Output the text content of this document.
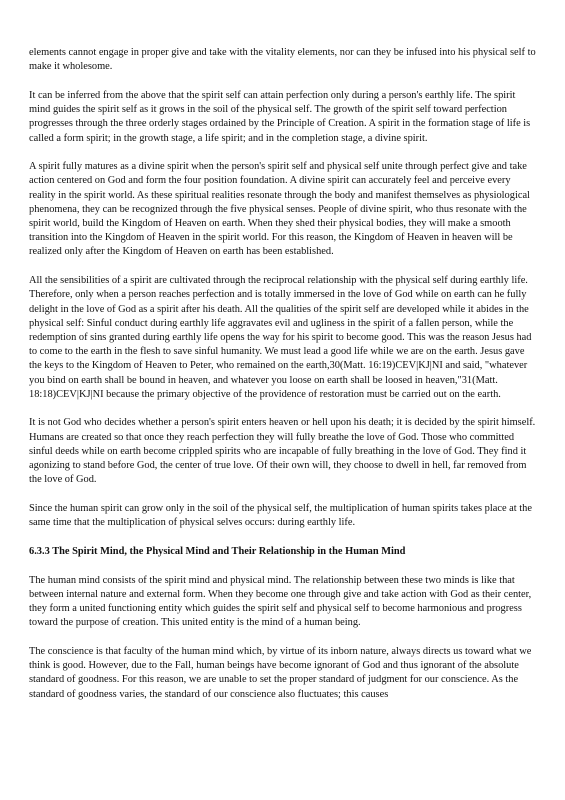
elements cannot engage in proper give and take with the vitality elements, nor can they be infused into his physical self to make it wholesome.

It can be inferred from the above that the spirit self can attain perfection only during a person's earthly life. The spirit mind guides the spirit self as it grows in the soil of the physical self. The growth of the spirit self toward perfection progresses through the three orderly stages ordained by the Principle of Creation. A spirit in the formation stage of life is called a form spirit; in the growth stage, a life spirit; and in the completion stage, a divine spirit.

A spirit fully matures as a divine spirit when the person's spirit self and physical self unite through perfect give and take action centered on God and form the four position foundation. A divine spirit can accurately feel and perceive every reality in the spirit world. As these spiritual realities resonate through the body and manifest themselves as physiological phenomena, they can be recognized through the five physical senses. People of divine spirit, who thus resonate with the spirit world, build the Kingdom of Heaven on earth. When they shed their physical bodies, they will make a smooth transition into the Kingdom of Heaven in the spirit world. For this reason, the Kingdom of Heaven in heaven will be realized only after the Kingdom of Heaven on earth has been established.

All the sensibilities of a spirit are cultivated through the reciprocal relationship with the physical self during earthly life. Therefore, only when a person reaches perfection and is totally immersed in the love of God while on earth can he fully delight in the love of God as a spirit after his death. All the qualities of the spirit self are developed while it abides in the physical self: Sinful conduct during earthly life aggravates evil and ugliness in the spirit of a fallen person, while the redemption of sins granted during earthly life opens the way for his spirit to become good. This was the reason Jesus had to come to the earth in the flesh to save sinful humanity. We must lead a good life while we are on the earth. Jesus gave the keys to the Kingdom of Heaven to Peter, who remained on the earth,30(Matt. 16:19)CEV|KJ|NI and said, "whatever you bind on earth shall be bound in heaven, and whatever you loose on earth shall be loosed in heaven,"31(Matt. 18:18)CEV|KJ|NI because the primary objective of the providence of restoration must be carried out on the earth.

It is not God who decides whether a person's spirit enters heaven or hell upon his death; it is decided by the spirit himself. Humans are created so that once they reach perfection they will fully breathe the love of God. Those who committed sinful deeds while on earth become crippled spirits who are incapable of fully breathing in the love of God. They find it agonizing to stand before God, the center of true love. Of their own will, they choose to dwell in hell, far removed from the love of God.

Since the human spirit can grow only in the soil of the physical self, the multiplication of human spirits takes place at the same time that the multiplication of physical selves occurs: during earthly life.

6.3.3 The Spirit Mind, the Physical Mind and Their Relationship in the Human Mind

The human mind consists of the spirit mind and physical mind. The relationship between these two minds is like that between internal nature and external form. When they become one through give and take action with God as their center, they form a united functioning entity which guides the spirit self and physical self to become harmonious and progress toward the purpose of creation. This united entity is the mind of a human being.

The conscience is that faculty of the human mind which, by virtue of its inborn nature, always directs us toward what we think is good. However, due to the Fall, human beings have become ignorant of God and thus ignorant of the absolute standard of goodness. For this reason, we are unable to set the proper standard of judgment for our conscience. As the standard of goodness varies, the standard of our conscience also fluctuates; this causes
